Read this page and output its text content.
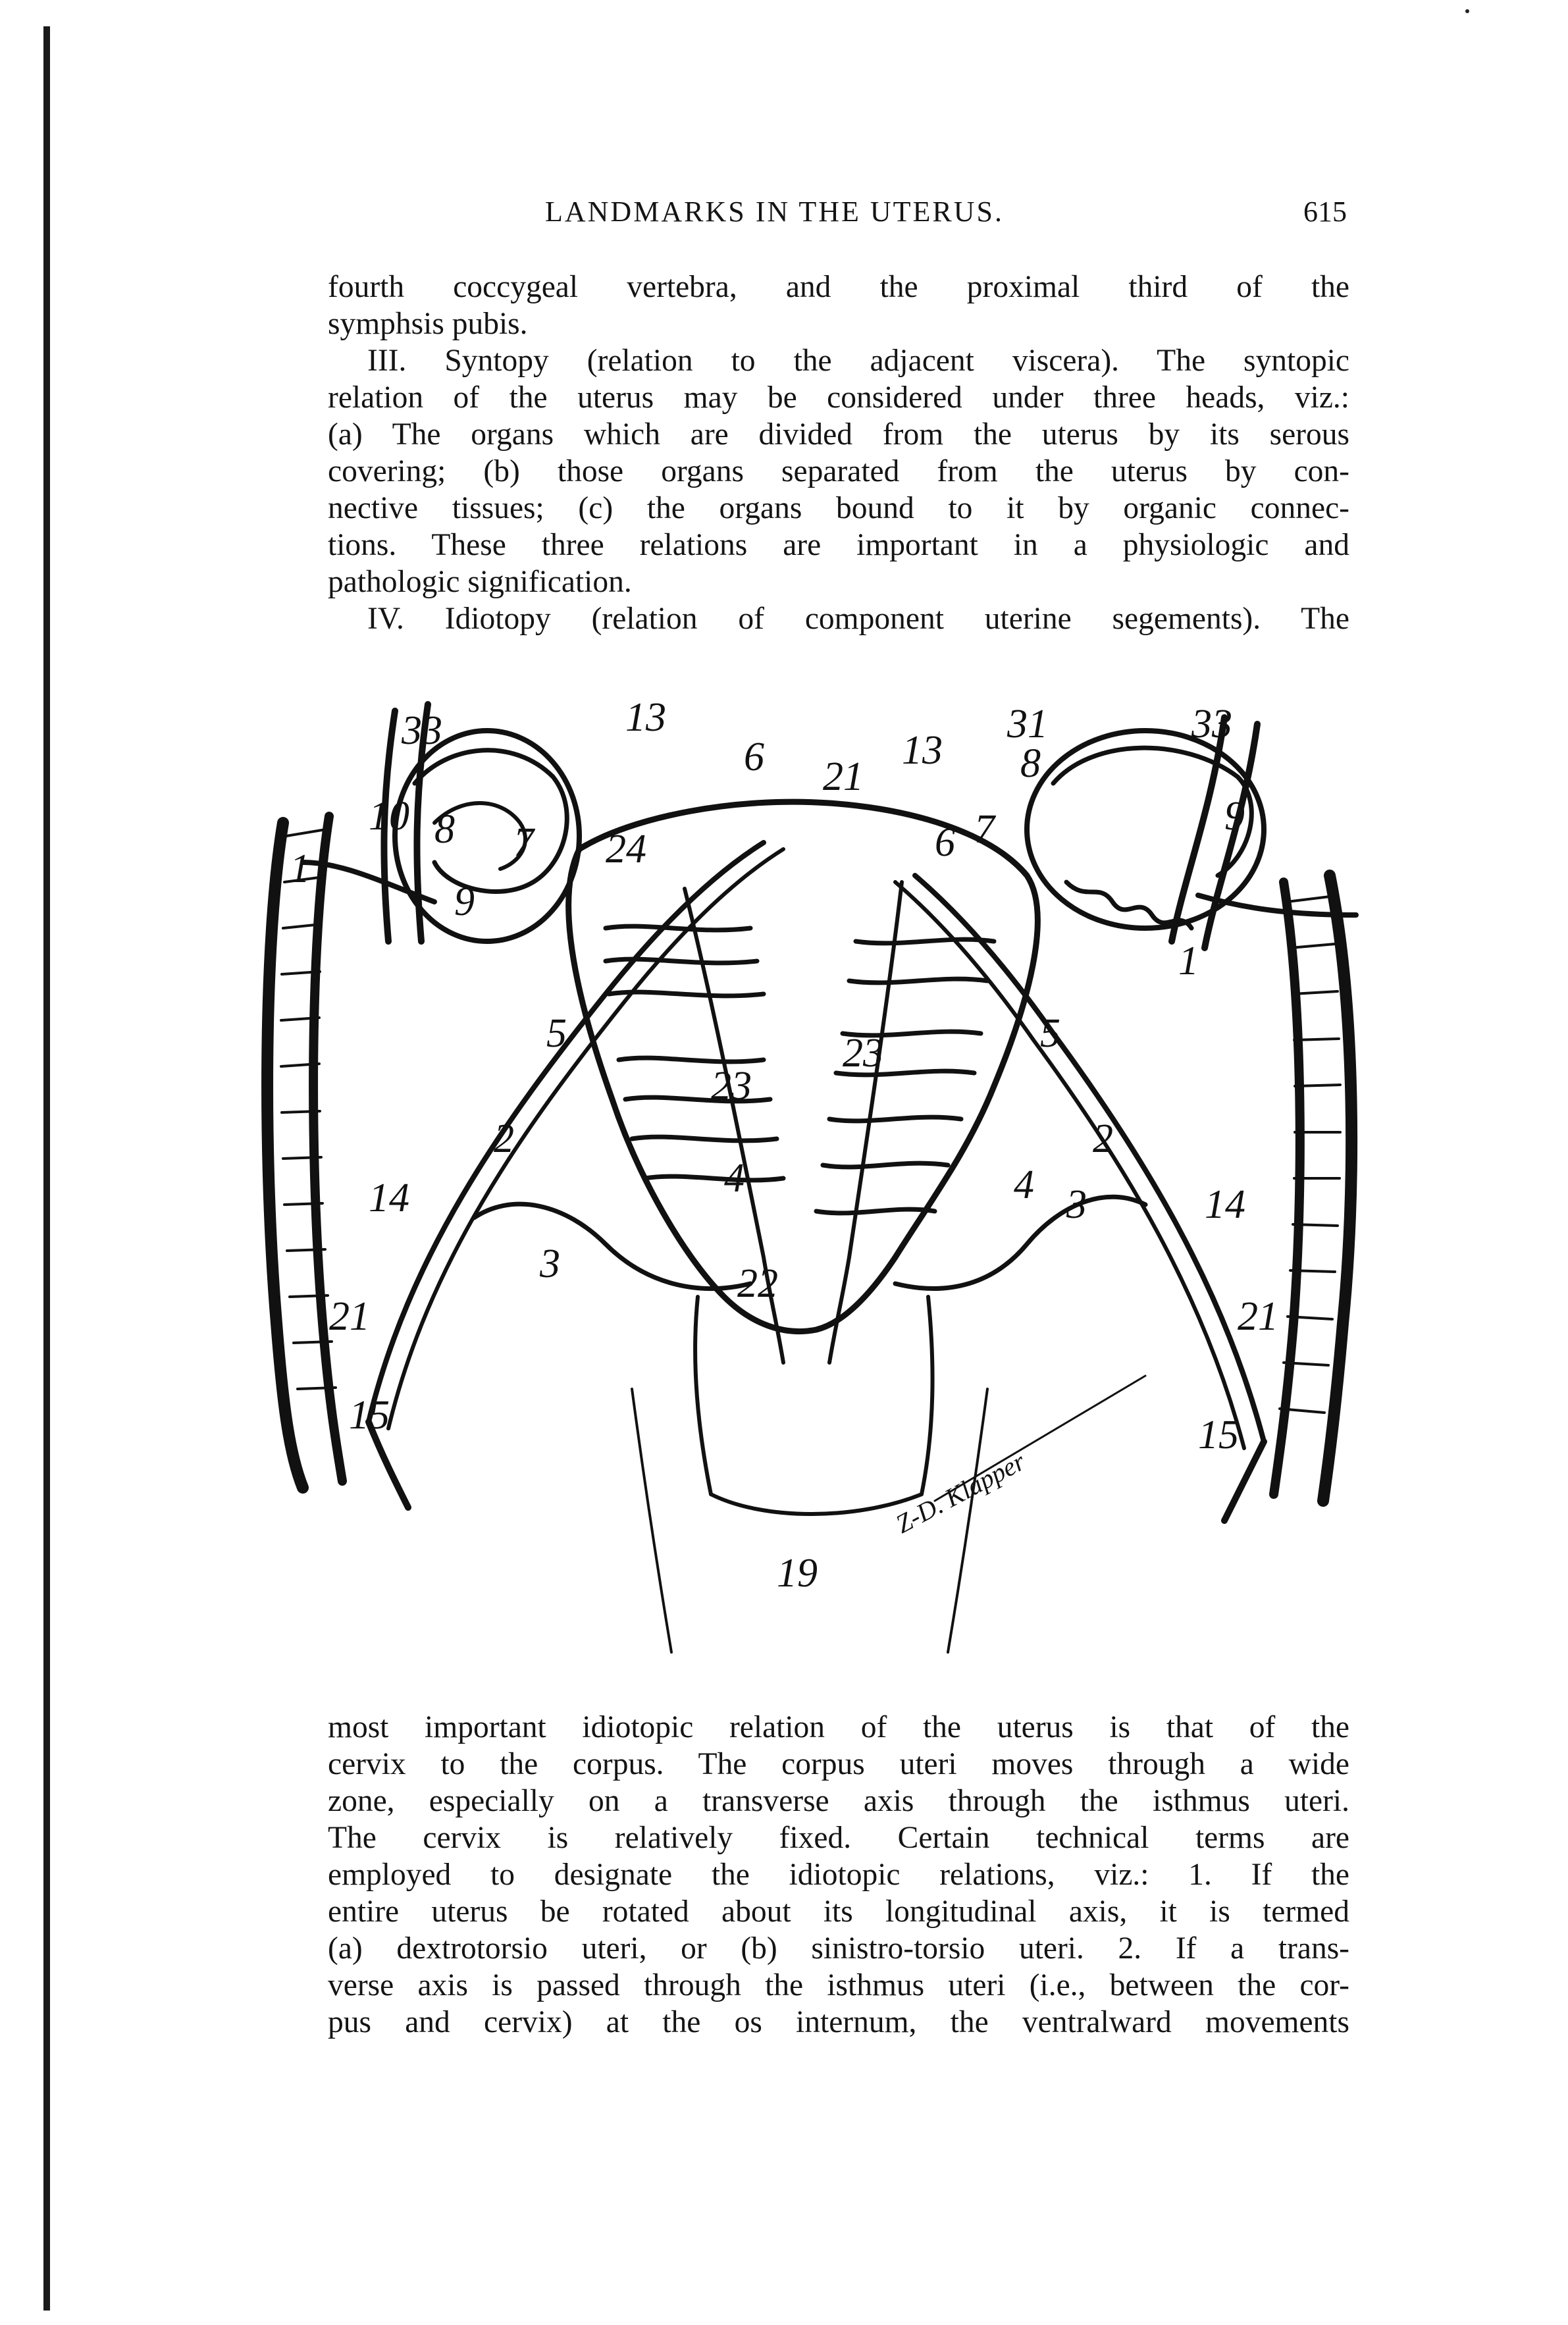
LANDMARKS IN THE UTERUS.	615
fourth coccygeal vertebra, and the proximal third of the
symphsis pubis.
III. Syntopy (relation to the adjacent viscera). The syntopic
relation of the uterus may be considered under three heads, viz.:
(a) The organs which are divided from the uterus by its serous
covering; (b) those organs separated from the uterus by con-
nective tissues; (c) the organs bound to it by organic connec-
tions. These three relations are important in a physiologic and
pathologic signification.
IV. Idiotopy (relation of component uterine segements). The
33	13
6
10 8 7
1
9
24
21
5	23
23
2
4
3
14
21
15
22
19
13
31
8
33
9
6 7
1
5
2
3
4	14
21
15
Z-D. Klapper
most important idiotopic relation of the uterus is that of the
cervix to the corpus. The corpus uteri moves through a wide
zone, especially on a transverse axis through the isthmus uteri.
The cervix is relatively fixed. Certain technical terms are
employed to designate the idiotopic relations, viz.: 1. If the
entire uterus be rotated about its longitudinal axis, it is termed
(a) dextrotorsio uteri, or (b) sinistro-torsio uteri. 2. If a trans-
verse axis is passed through the isthmus uteri (i.e., between the cor-
pus and cervix) at the os internum, the ventralward movements
